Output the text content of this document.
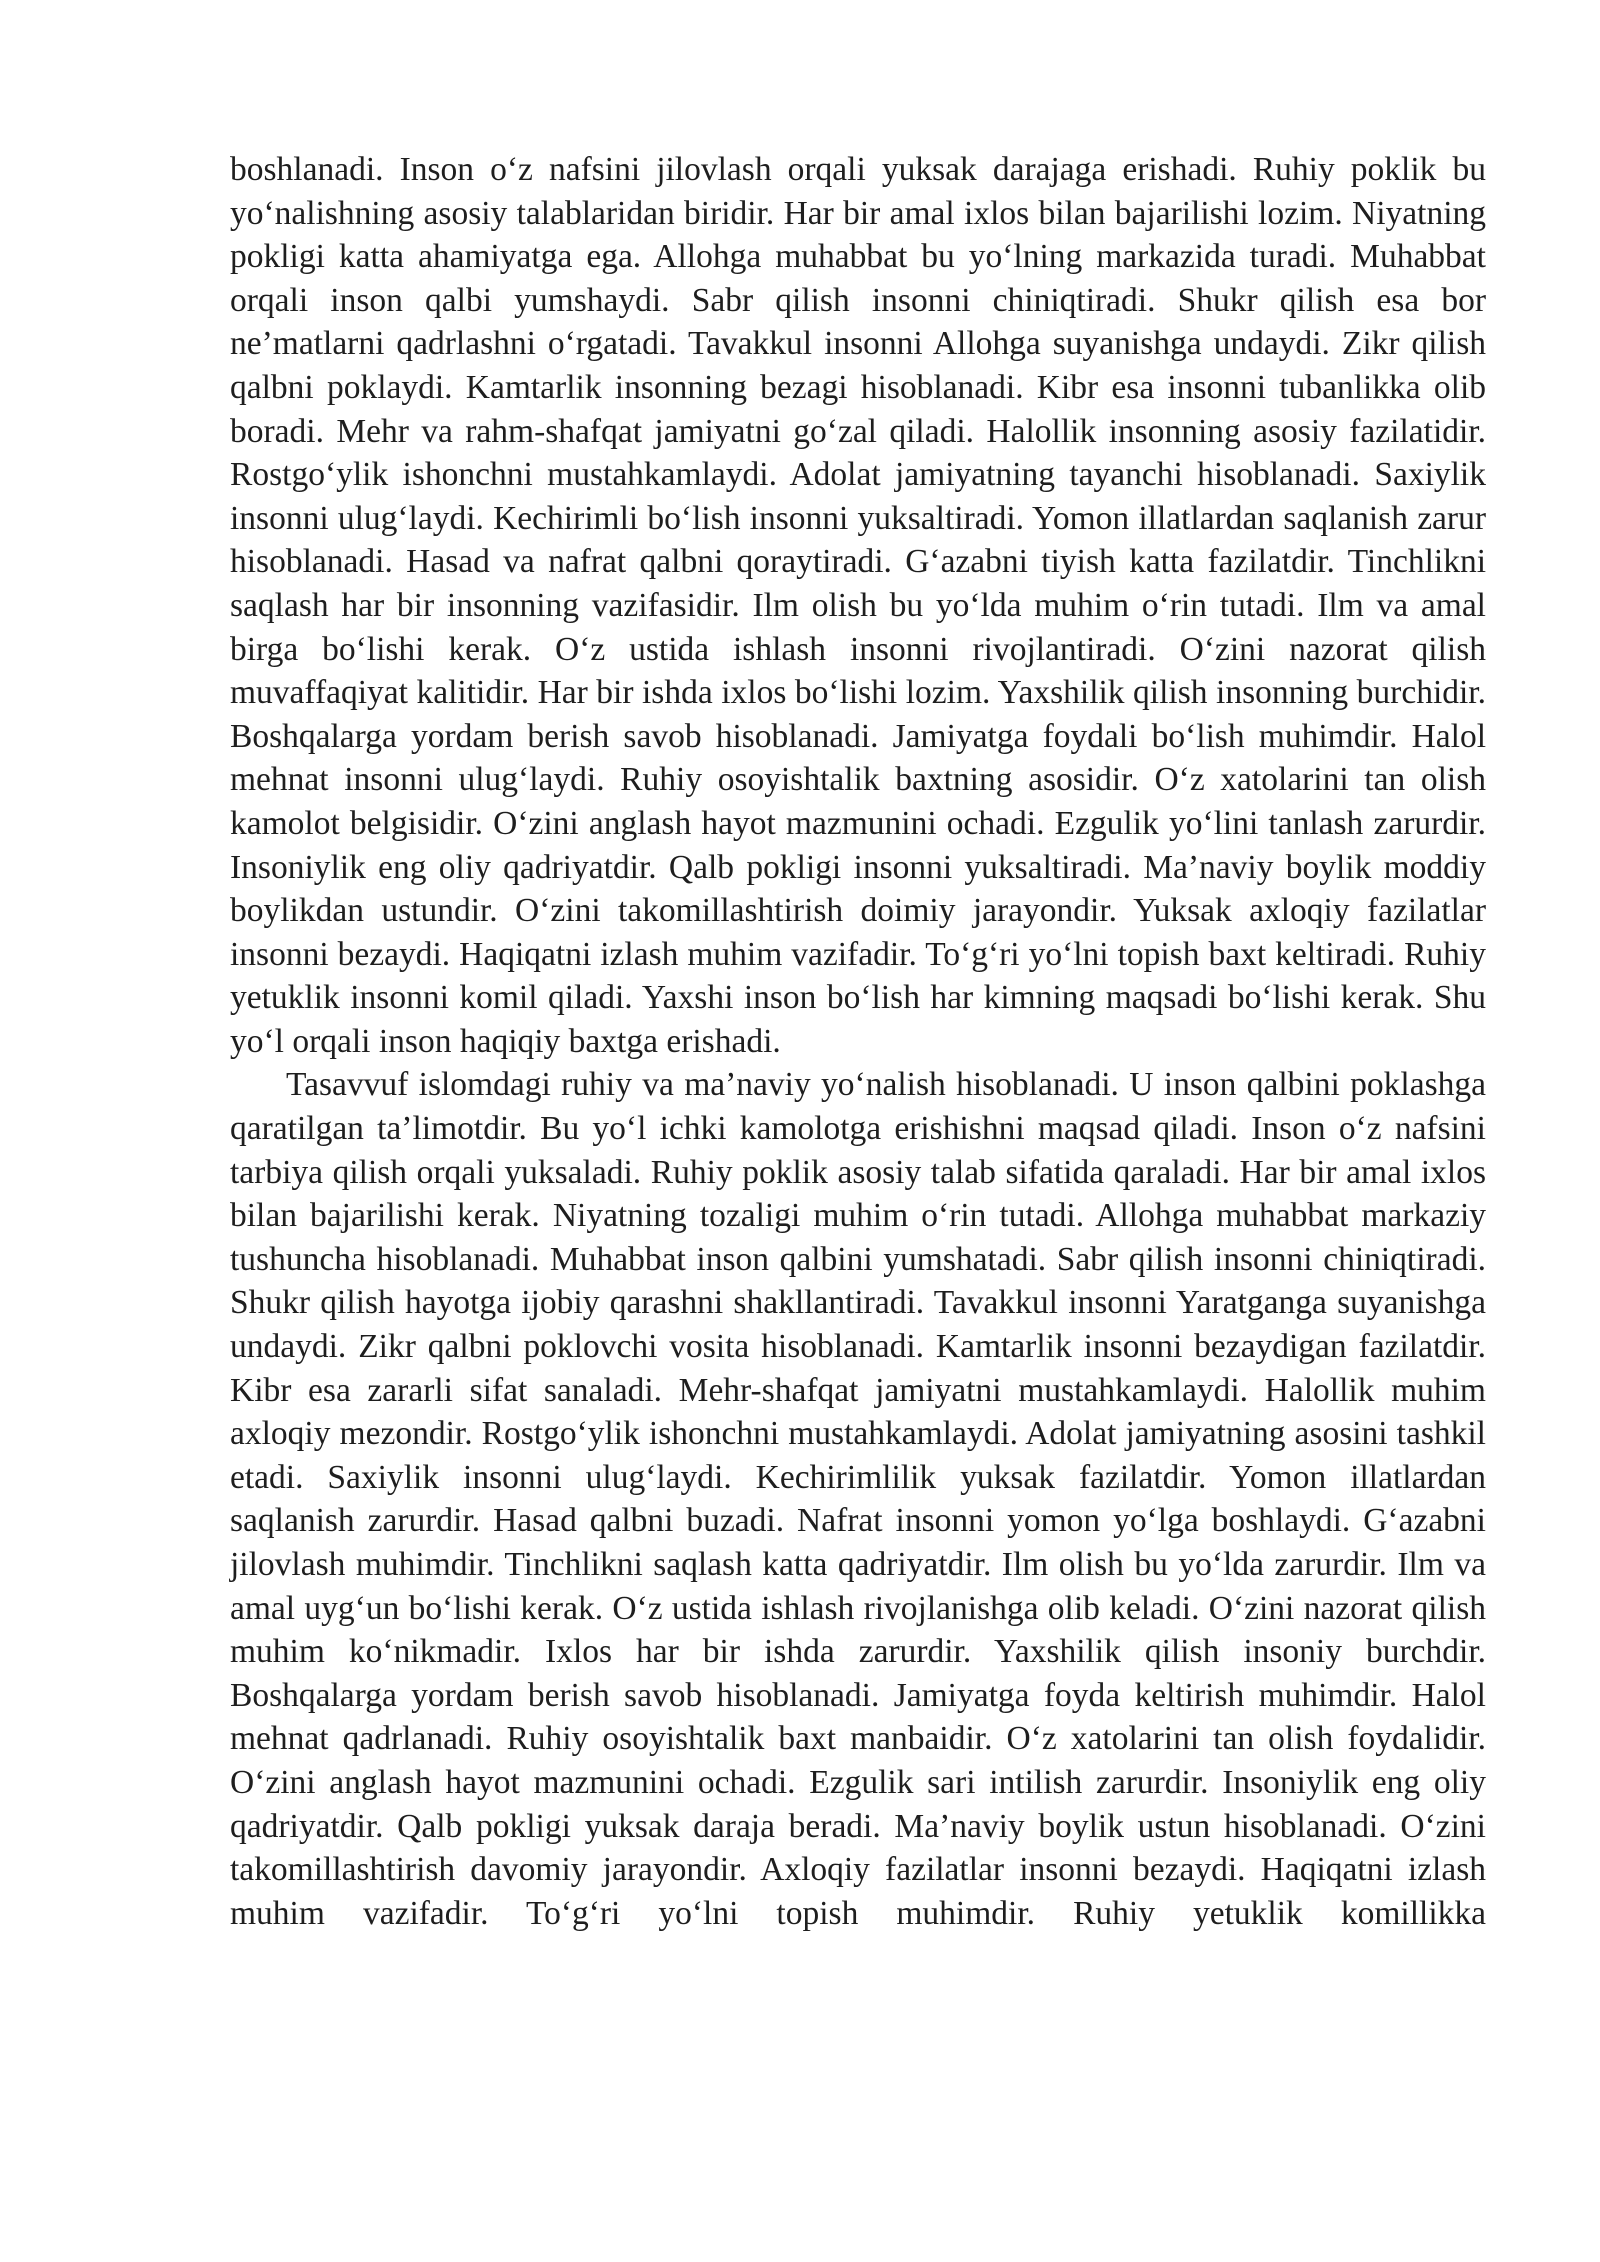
boshlanadi. Inson o‘z nafsini jilovlash orqali yuksak darajaga erishadi. Ruhiy poklik bu yo‘nalishning asosiy talablaridan biridir. Har bir amal ixlos bilan bajarilishi lozim. Niyatning pokligi katta ahamiyatga ega. Allohga muhabbat bu yo‘lning markazida turadi. Muhabbat orqali inson qalbi yumshaydi. Sabr qilish insonni chiniqtiradi. Shukr qilish esa bor ne’matlarni qadrlashni o‘rgatadi. Tavakkul insonni Allohga suyanishga undaydi. Zikr qilish qalbni poklaydi. Kamtarlik insonning bezagi hisoblanadi. Kibr esa insonni tubanlikka olib boradi. Mehr va rahm-shafqat jamiyatni go‘zal qiladi. Halollik insonning asosiy fazilatidir. Rostgo‘ylik ishonchni mustahkamlaydi. Adolat jamiyatning tayanchi hisoblanadi. Saxiylik insonni ulug‘laydi. Kechirimli bo‘lish insonni yuksaltiradi. Yomon illatlardan saqlanish zarur hisoblanadi. Hasad va nafrat qalbni qoraytiradi. G‘azabni tiyish katta fazilatdir. Tinchlikni saqlash har bir insonning vazifasidir. Ilm olish bu yo‘lda muhim o‘rin tutadi. Ilm va amal birga bo‘lishi kerak. O‘z ustida ishlash insonni rivojlantiradi. O‘zini nazorat qilish muvaffaqiyat kalitidir. Har bir ishda ixlos bo‘lishi lozim. Yaxshilik qilish insonning burchidir. Boshqalarga yordam berish savob hisoblanadi. Jamiyatga foydali bo‘lish muhimdir. Halol mehnat insonni ulug‘laydi. Ruhiy osoyishtalik baxtning asosidir. O‘z xatolarini tan olish kamolot belgisidir. O‘zini anglash hayot mazmunini ochadi. Ezgulik yo‘lini tanlash zarurdir. Insoniylik eng oliy qadriyatdir. Qalb pokligi insonni yuksaltiradi. Ma’naviy boylik moddiy boylikdan ustundir. O‘zini takomillashtirish doimiy jarayondir. Yuksak axloqiy fazilatlar insonni bezaydi. Haqiqatni izlash muhim vazifadir. To‘g‘ri yo‘lni topish baxt keltiradi. Ruhiy yetuklik insonni komil qiladi. Yaxshi inson bo‘lish har kimning maqsadi bo‘lishi kerak. Shu yo‘l orqali inson haqiqiy baxtga erishadi.

Tasavvuf islomdagi ruhiy va ma’naviy yo‘nalish hisoblanadi. U inson qalbini poklashga qaratilgan ta’limotdir. Bu yo‘l ichki kamolotga erishishni maqsad qiladi. Inson o‘z nafsini tarbiya qilish orqali yuksaladi. Ruhiy poklik asosiy talab sifatida qaraladi. Har bir amal ixlos bilan bajarilishi kerak. Niyatning tozaligi muhim o‘rin tutadi. Allohga muhabbat markaziy tushuncha hisoblanadi. Muhabbat inson qalbini yumshatadi. Sabr qilish insonni chiniqtiradi. Shukr qilish hayotga ijobiy qarashni shakllantiradi. Tavakkul insonni Yaratganga suyanishga undaydi. Zikr qalbni poklovchi vosita hisoblanadi. Kamtarlik insonni bezaydigan fazilatdir. Kibr esa zararli sifat sanaladi. Mehr-shafqat jamiyatni mustahkamlaydi. Halollik muhim axloqiy mezondir. Rostgo‘ylik ishonchni mustahkamlaydi. Adolat jamiyatning asosini tashkil etadi. Saxiylik insonni ulug‘laydi. Kechirimlilik yuksak fazilatdir. Yomon illatlardan saqlanish zarurdir. Hasad qalbni buzadi. Nafrat insonni yomon yo‘lga boshlaydi. G‘azabni jilovlash muhimdir. Tinchlikni saqlash katta qadriyatdir. Ilm olish bu yo‘lda zarurdir. Ilm va amal uyg‘un bo‘lishi kerak. O‘z ustida ishlash rivojlanishga olib keladi. O‘zini nazorat qilish muhim ko‘nikmadir. Ixlos har bir ishda zarurdir. Yaxshilik qilish insoniy burchdir. Boshqalarga yordam berish savob hisoblanadi. Jamiyatga foyda keltirish muhimdir. Halol mehnat qadrlanadi. Ruhiy osoyishtalik baxt manbaidir. O‘z xatolarini tan olish foydalidir. O‘zini anglash hayot mazmunini ochadi. Ezgulik sari intilish zarurdir. Insoniylik eng oliy qadriyatdir. Qalb pokligi yuksak daraja beradi. Ma’naviy boylik ustun hisoblanadi. O‘zini takomillashtirish davomiy jarayondir. Axloqiy fazilatlar insonni bezaydi. Haqiqatni izlash muhim vazifadir. To‘g‘ri yo‘lni topish muhimdir. Ruhiy yetuklik komillikka
